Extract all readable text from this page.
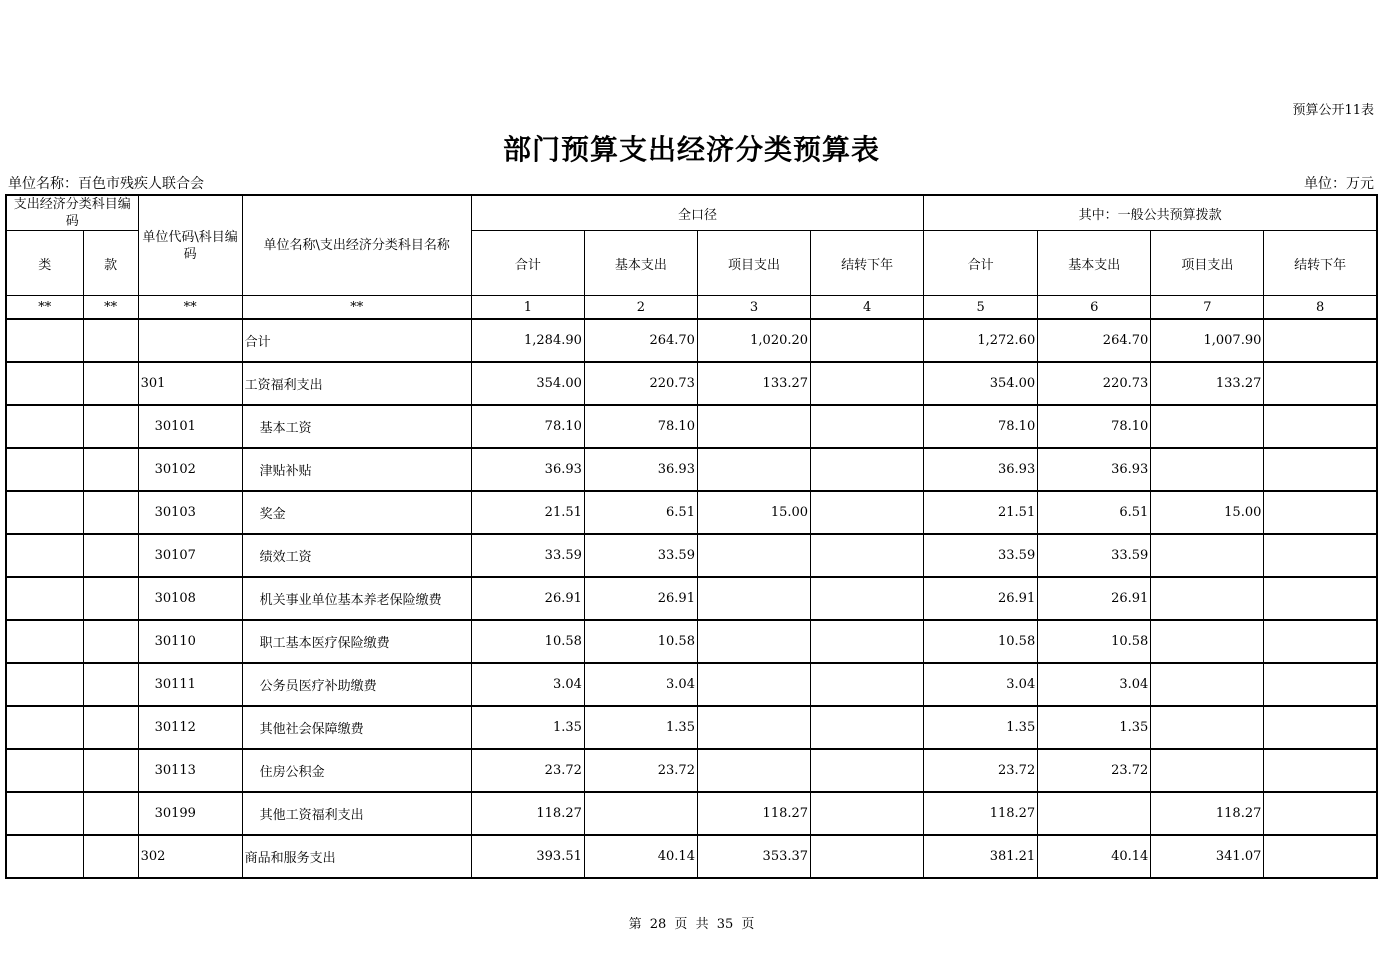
预算公开11表
部门预算支出经济分类预算表
单位名称：百色市残疾人联合会	单位：万元
支出经济分类科目编码		单位代码\科目编码	单位名称\支出经济分类科目名称	全口径				其中：一般公共预算拨款			
类	款			合计	基本支出	项目支出	结转下年	合计	基本支出	项目支出	结转下年
**	**	**	**	1	2	3	4	5	6	7	8
			合计	1,284.90	264.70	1,020.20		1,272.60	264.70	1,007.90	
		301	工资福利支出	354.00	220.73	133.27		354.00	220.73	133.27	
		30101	基本工资	78.10	78.10			78.10	78.10		
		30102	津贴补贴	36.93	36.93			36.93	36.93		
		30103	奖金	21.51	6.51	15.00		21.51	6.51	15.00	
		30107	绩效工资	33.59	33.59			33.59	33.59		
		30108	机关事业单位基本养老保险缴费	26.91	26.91			26.91	26.91		
		30110	职工基本医疗保险缴费	10.58	10.58			10.58	10.58		
		30111	公务员医疗补助缴费	3.04	3.04			3.04	3.04		
		30112	其他社会保障缴费	1.35	1.35			1.35	1.35		
		30113	住房公积金	23.72	23.72			23.72	23.72		
		30199	其他工资福利支出	118.27		118.27		118.27		118.27	
		302	商品和服务支出	393.51	40.14	353.37		381.21	40.14	341.07	
第 28 页 共 35 页
